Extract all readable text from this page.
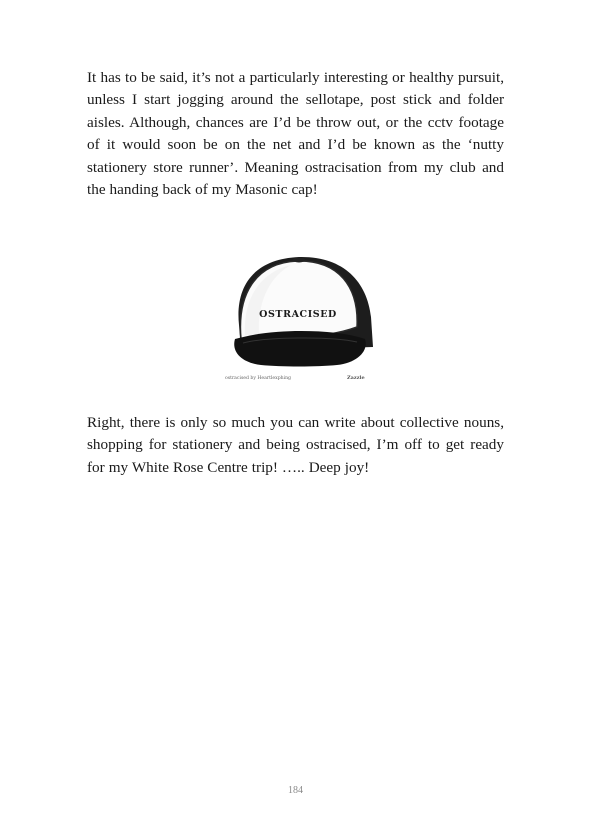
It has to be said, it’s not a particularly interesting or healthy pursuit, unless I start jogging around the sellotape, post stick and folder aisles. Although, chances are I’d be throw out, or the cctv footage of it would soon be on the net and I’d be known as the ‘nutty stationery store runner’. Meaning ostracisation from my club and the handing back of my Masonic cap!

OSTRACISED
ostracised by Heartlexphing	Zazzle

Right, there is only so much you can write about collective nouns, shopping for stationery and being ostracised, I’m off to get ready for my White Rose Centre trip! ….. Deep joy!

184
